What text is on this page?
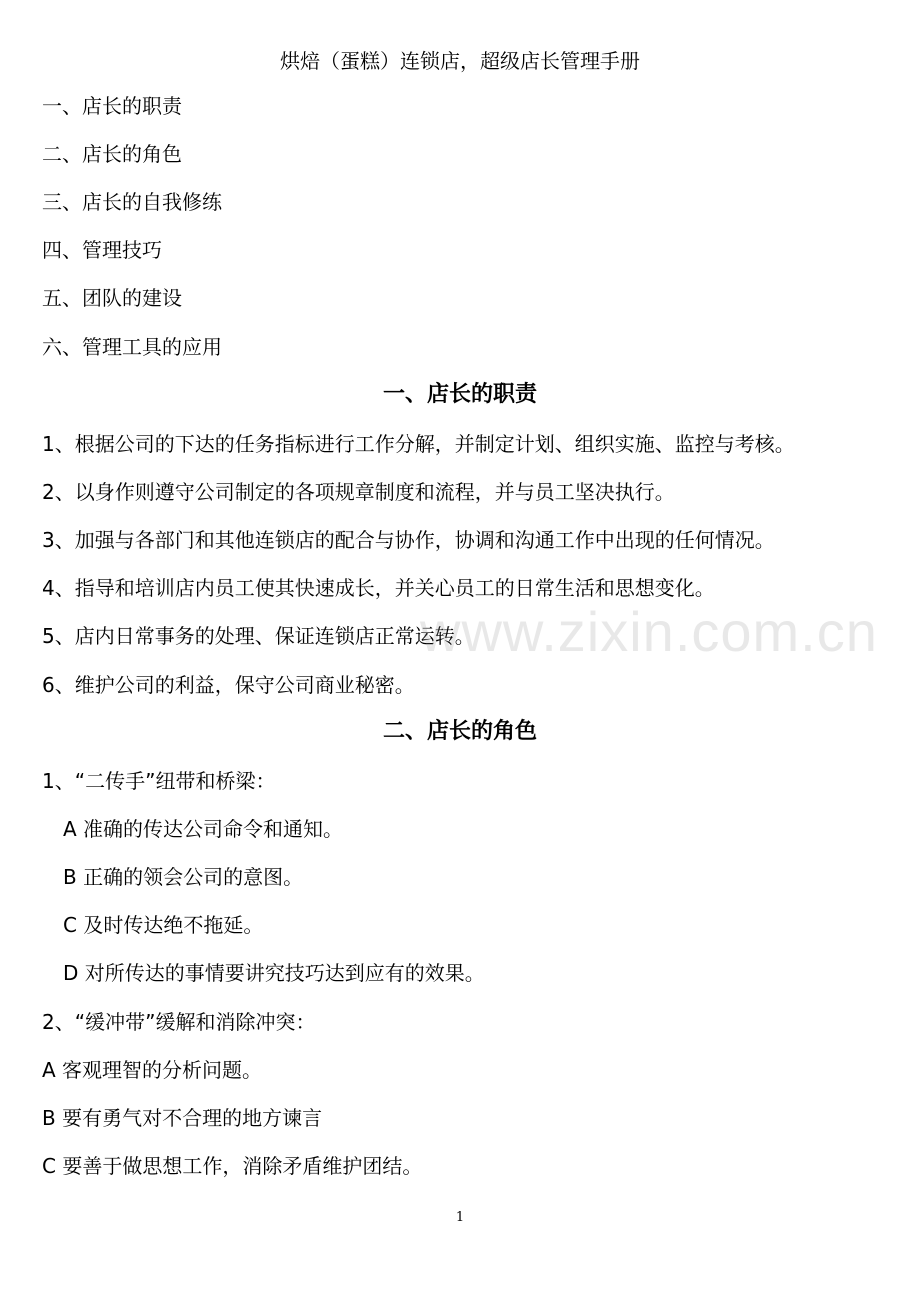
烘焙（蛋糕）连锁店，超级店长管理手册
一、店长的职责
二、店长的角色
三、店长的自我修练
四、管理技巧
五、团队的建设
六、管理工具的应用
一、店长的职责
1、根据公司的下达的任务指标进行工作分解，并制定计划、组织实施、监控与考核。
2、以身作则遵守公司制定的各项规章制度和流程，并与员工坚决执行。
3、加强与各部门和其他连锁店的配合与协作，协调和沟通工作中出现的任何情况。
4、指导和培训店内员工使其快速成长，并关心员工的日常生活和思想变化。
5、店内日常事务的处理、保证连锁店正常运转。
6、维护公司的利益，保守公司商业秘密。
二、店长的角色
1、“二传手”纽带和桥梁：
A 准确的传达公司命令和通知。
B 正确的领会公司的意图。
C 及时传达绝不拖延。
D 对所传达的事情要讲究技巧达到应有的效果。
2、“缓冲带”缓解和消除冲突：
A 客观理智的分析问题。
B 要有勇气对不合理的地方谏言
C 要善于做思想工作，消除矛盾维护团结。
www.zixin.com.cn
1
